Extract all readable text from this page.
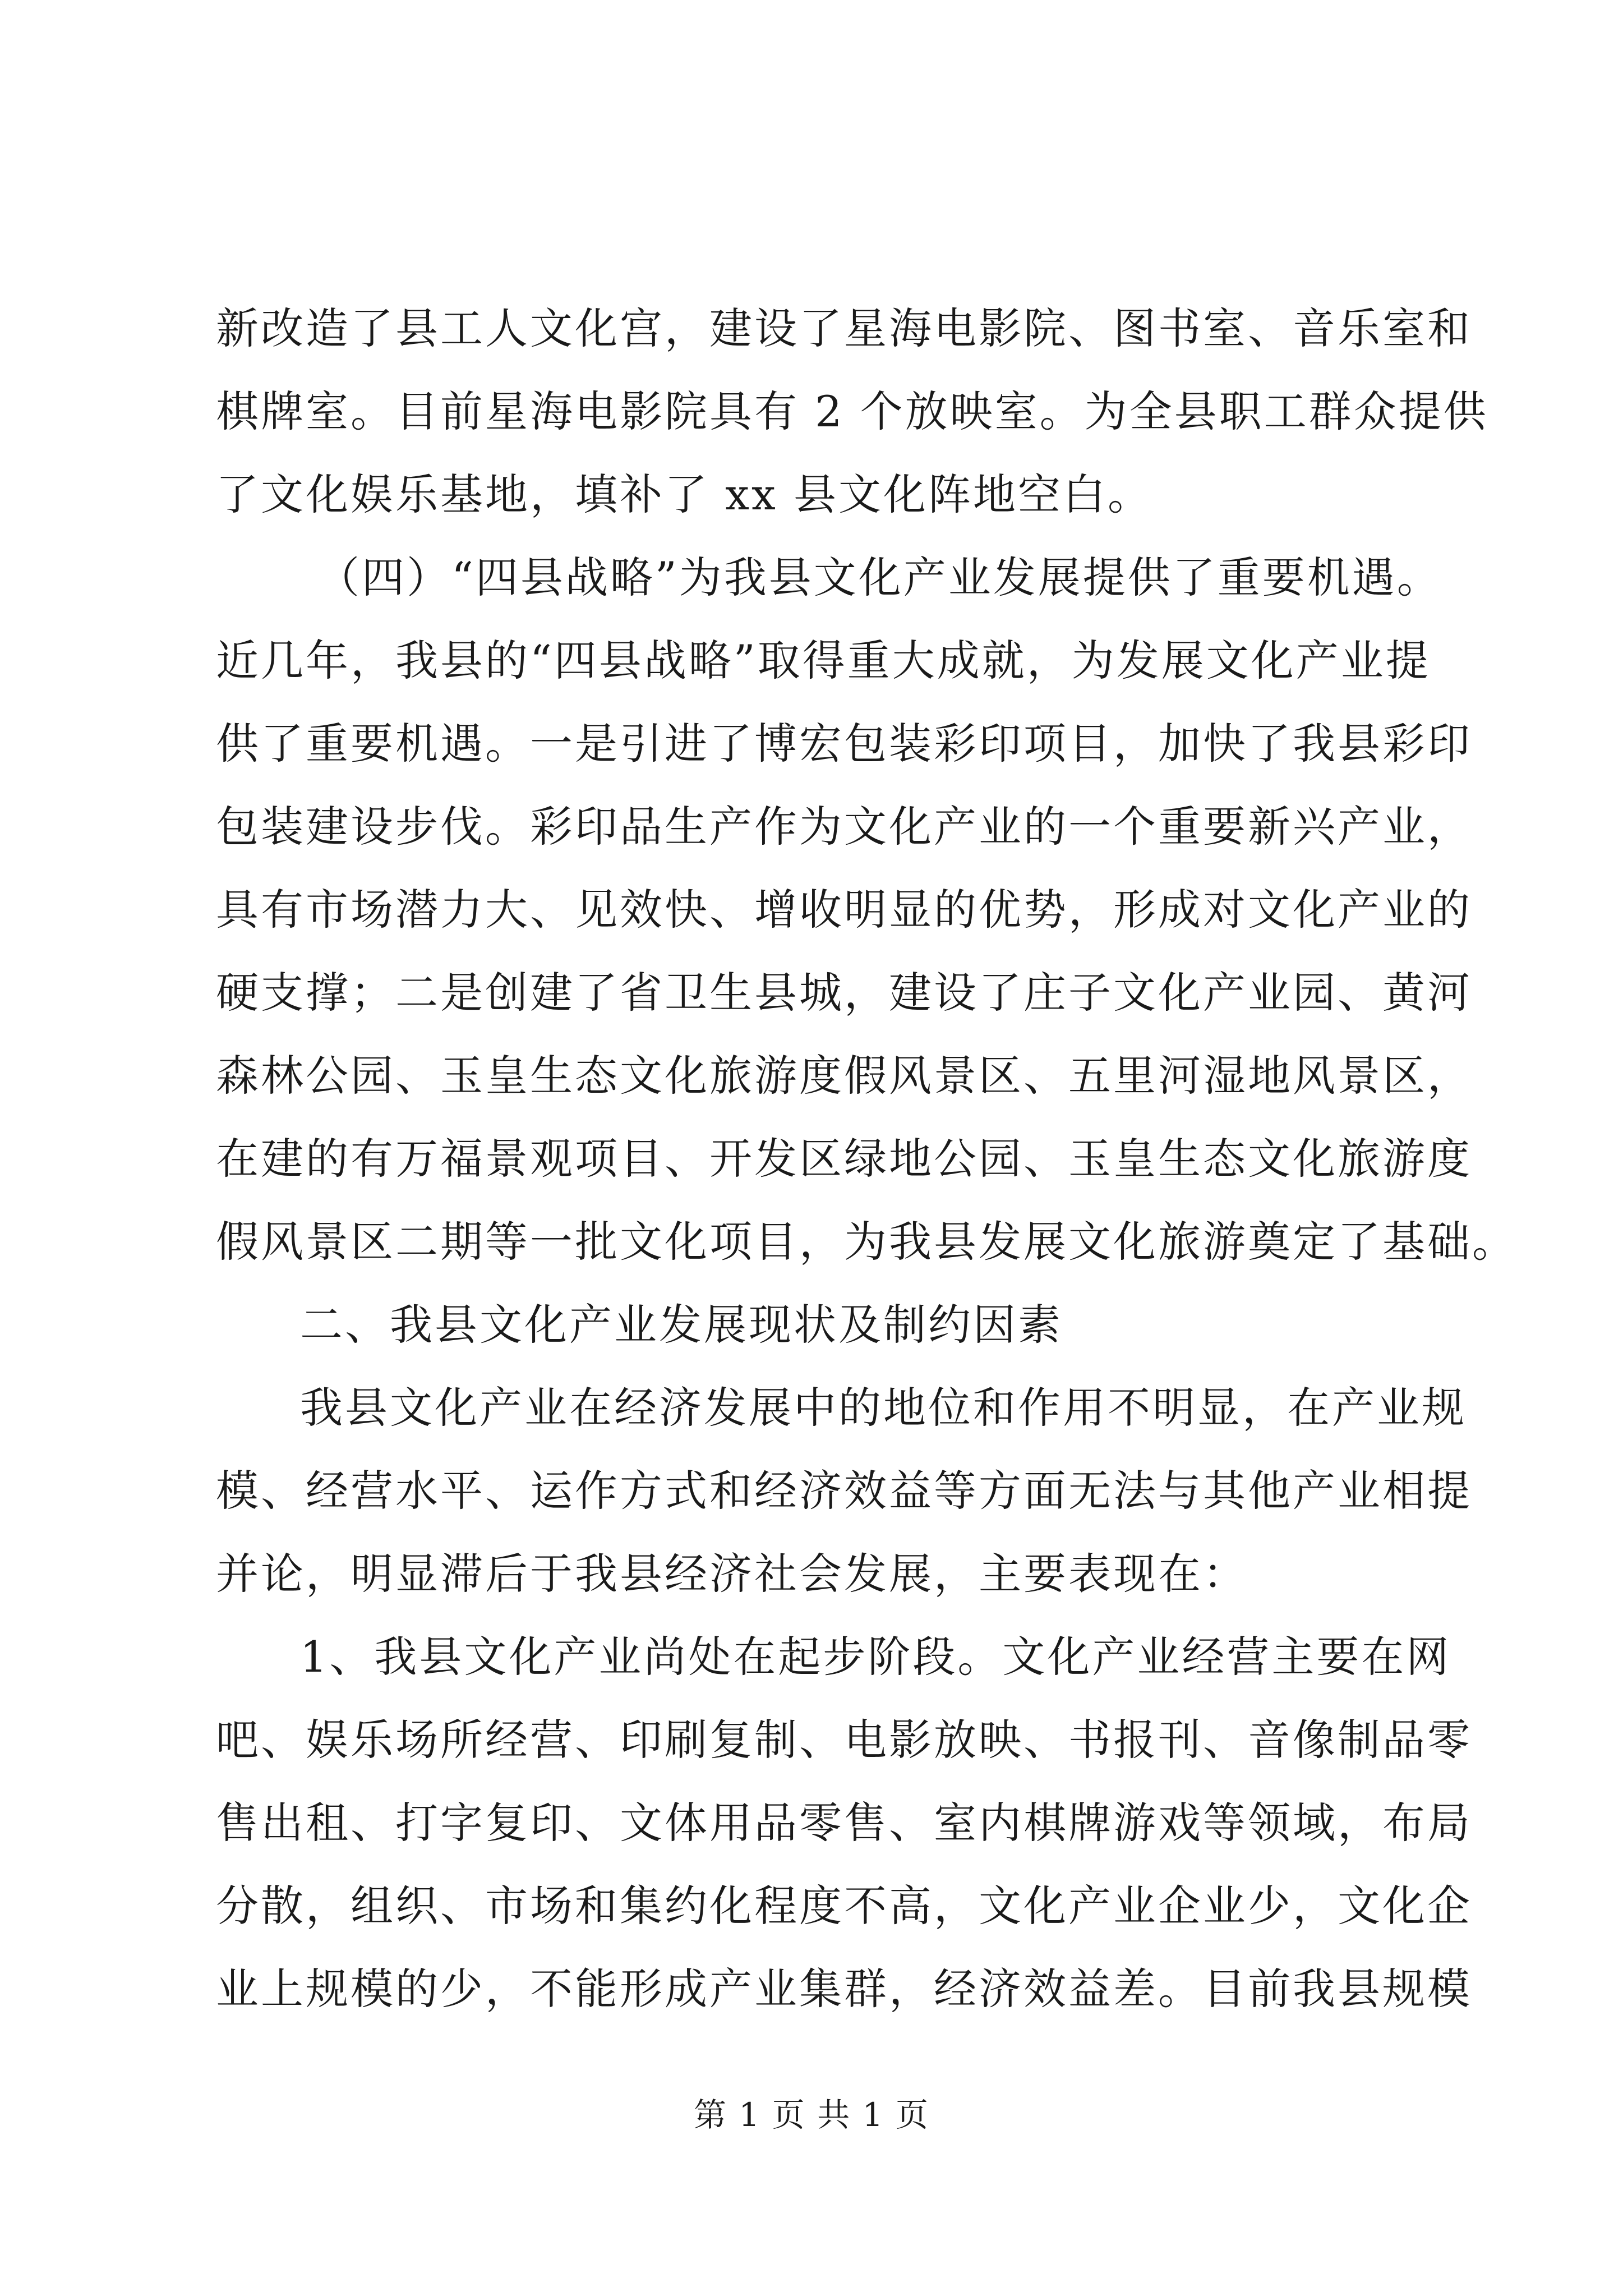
新改造了县工人文化宫，建设了星海电影院、图书室、音乐室和
棋牌室。目前星海电影院具有 2 个放映室。为全县职工群众提供
了文化娱乐基地，填补了 xx 县文化阵地空白。
（四）“四县战略”为我县文化产业发展提供了重要机遇。
近几年，我县的“四县战略”取得重大成就，为发展文化产业提
供了重要机遇。一是引进了博宏包装彩印项目，加快了我县彩印
包装建设步伐。彩印品生产作为文化产业的一个重要新兴产业，
具有市场潜力大、见效快、增收明显的优势，形成对文化产业的
硬支撑；二是创建了省卫生县城，建设了庄子文化产业园、黄河
森林公园、玉皇生态文化旅游度假风景区、五里河湿地风景区，
在建的有万福景观项目、开发区绿地公园、玉皇生态文化旅游度
假风景区二期等一批文化项目，为我县发展文化旅游奠定了基础。
二、我县文化产业发展现状及制约因素
我县文化产业在经济发展中的地位和作用不明显，在产业规
模、经营水平、运作方式和经济效益等方面无法与其他产业相提
并论，明显滞后于我县经济社会发展，主要表现在：
1、我县文化产业尚处在起步阶段。文化产业经营主要在网
吧、娱乐场所经营、印刷复制、电影放映、书报刊、音像制品零
售出租、打字复印、文体用品零售、室内棋牌游戏等领域，布局
分散，组织、市场和集约化程度不高，文化产业企业少，文化企
业上规模的少，不能形成产业集群，经济效益差。目前我县规模
第 1 页 共 1 页
